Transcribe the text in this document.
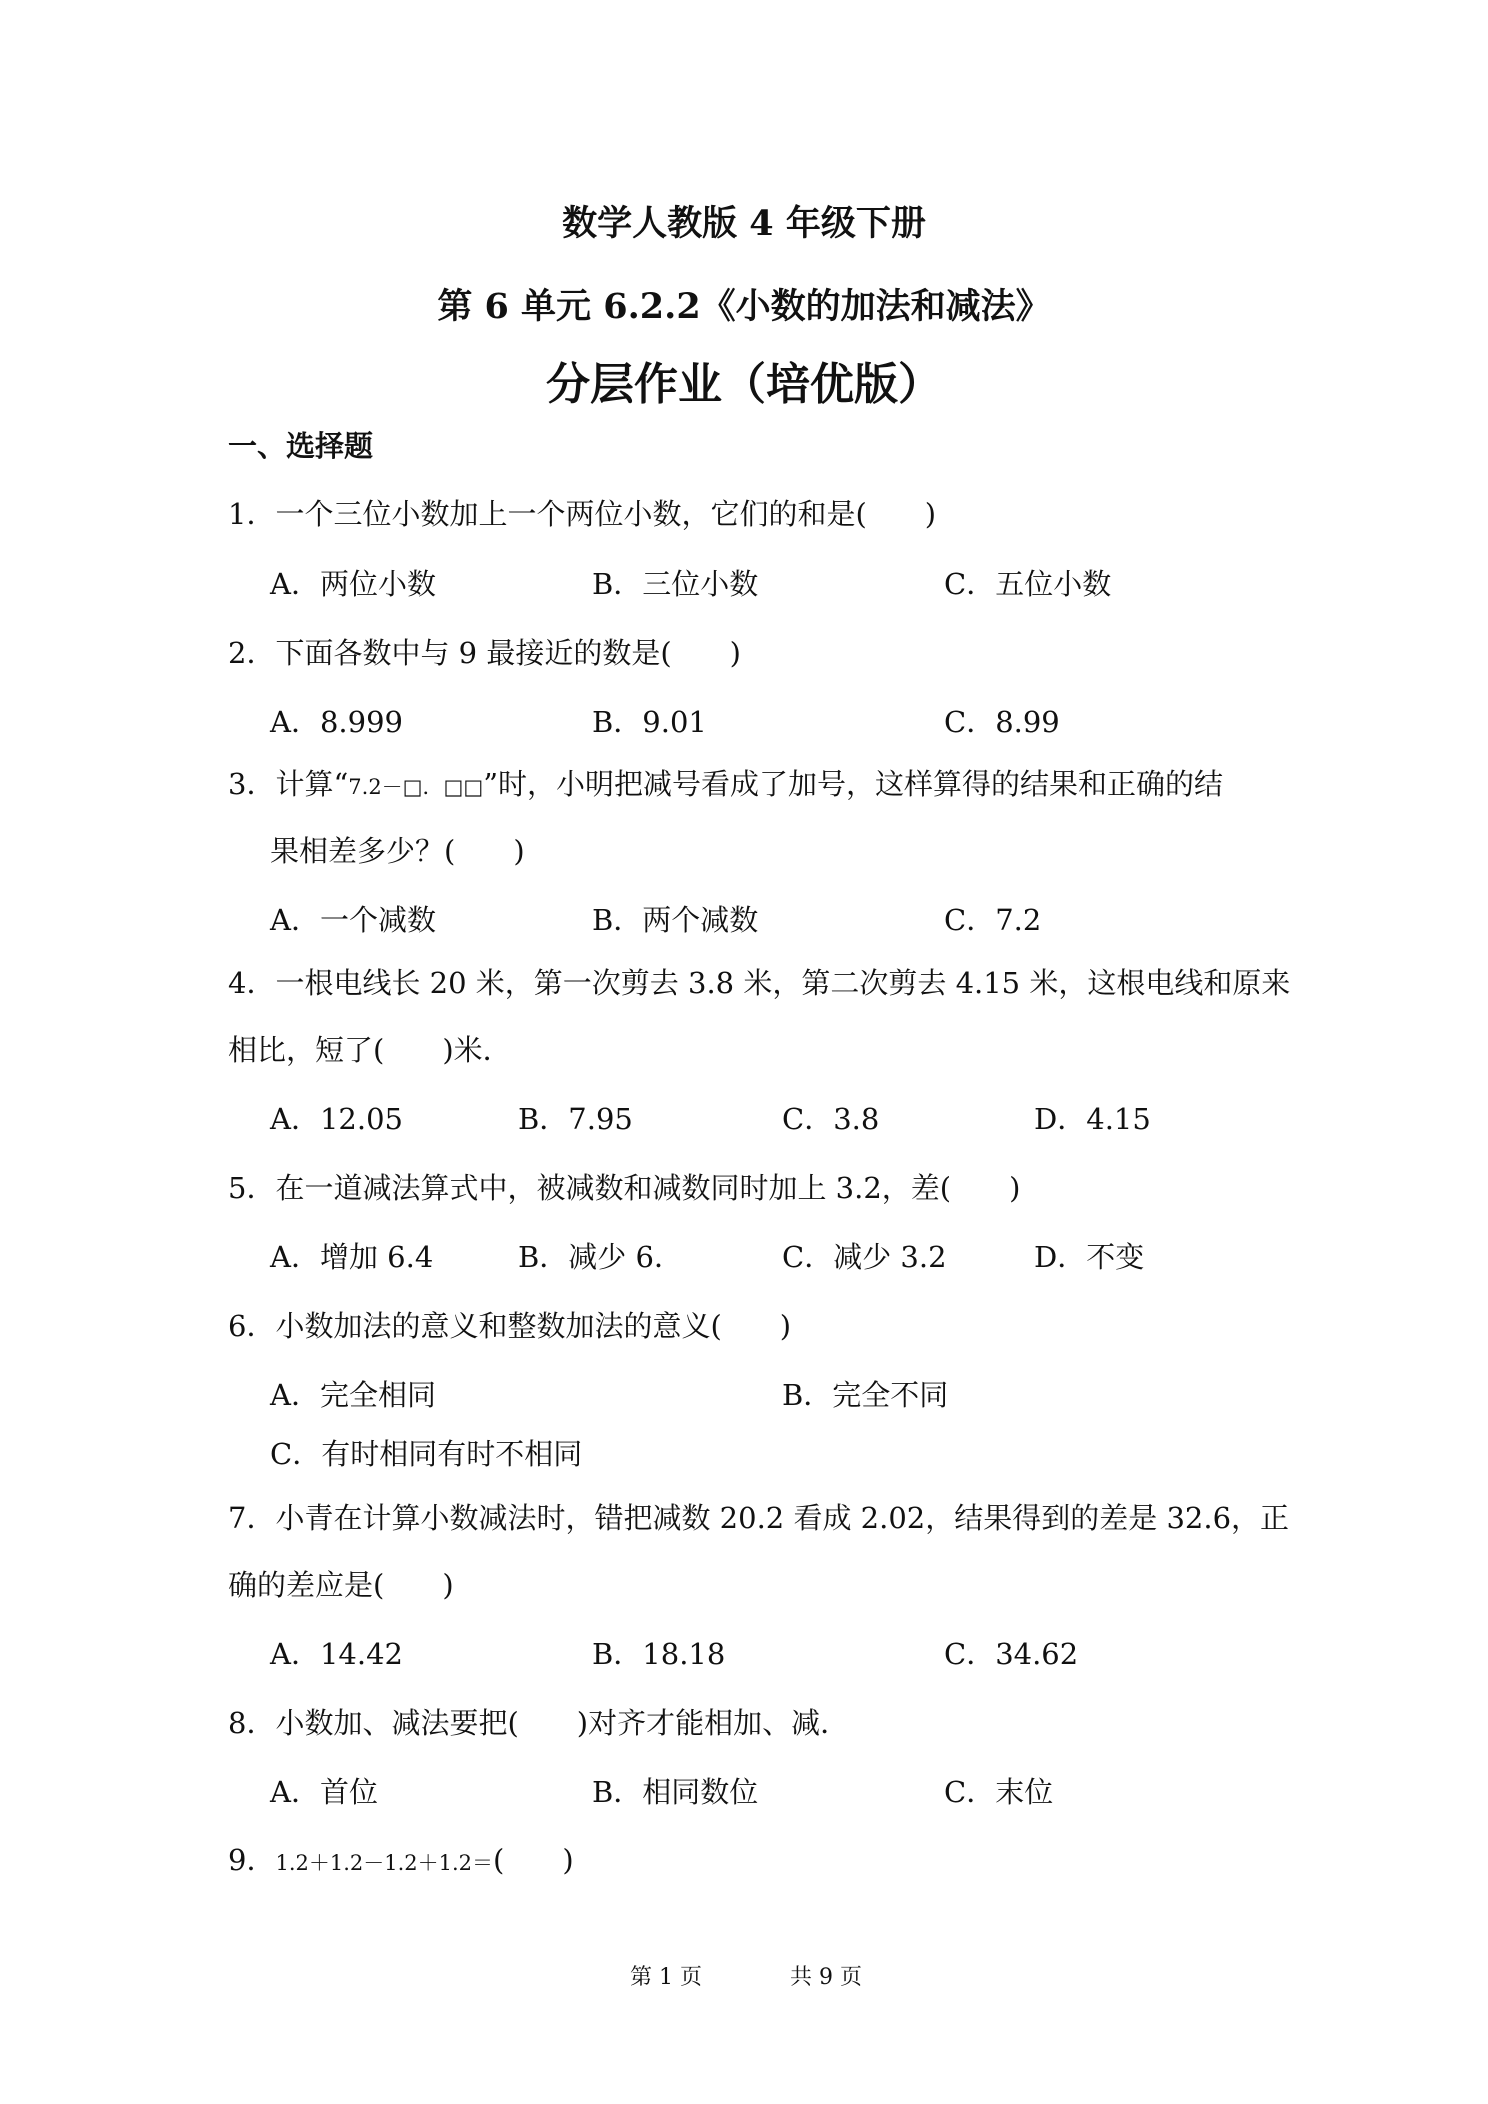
数学人教版 4 年级下册
第 6 单元 6.2.2《小数的加法和减法》
分层作业（培优版）
一、选择题
1．一个三位小数加上一个两位小数，它们的和是(　　)
A．两位小数	B．三位小数	C．五位小数
2．下面各数中与 9 最接近的数是(　　)
A．8.999	B．9.01	C．8.99
3．计算“7.2－□．□□”时，小明把减号看成了加号，这样算得的结果和正确的结
果相差多少？(　　)
A．一个减数	B．两个减数	C．7.2
4．一根电线长 20 米，第一次剪去 3.8 米，第二次剪去 4.15 米，这根电线和原来
相比，短了(　　)米．
A．12.05	B．7.95	C．3.8	D．4.15
5．在一道减法算式中，被减数和减数同时加上 3.2，差(　　)
A．增加 6.4	B．减少 6．	C．减少 3.2	D．不变
6．小数加法的意义和整数加法的意义(　　)
A．完全相同	B．完全不同
C．有时相同有时不相同
7．小青在计算小数减法时，错把减数 20.2 看成 2.02，结果得到的差是 32.6，正
确的差应是(　　)
A．14.42	B．18.18	C．34.62
8．小数加、减法要把(　　)对齐才能相加、减．
A．首位	B．相同数位	C．末位
9．1.2＋1.2－1.2＋1.2＝(　　)
第 1 页	共 9 页
